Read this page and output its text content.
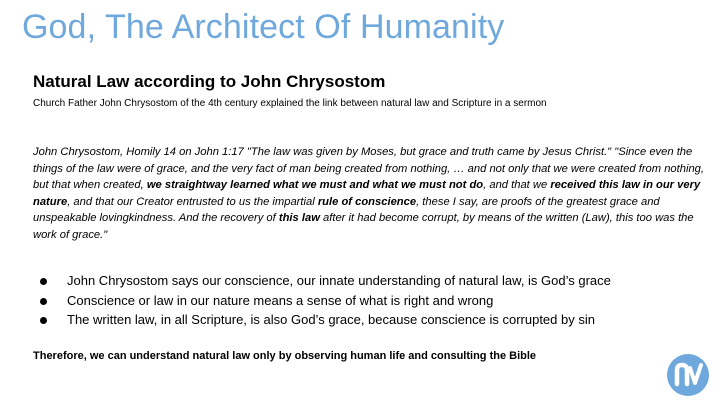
God, The Architect Of Humanity
Natural Law according to John Chrysostom
Church Father John Chrysostom of the 4th century explained the link between natural law and Scripture in a sermon
John Chrysostom, Homily 14 on John 1:17 "The law was given by Moses, but grace and truth came by Jesus Christ." "Since even the things of the law were of grace, and the very fact of man being created from nothing, … and not only that we were created from nothing, but that when created, we straightway learned what we must and what we must not do, and that we received this law in our very nature, and that our Creator entrusted to us the impartial rule of conscience, these I say, are proofs of the greatest grace and unspeakable lovingkindness. And the recovery of this law after it had become corrupt, by means of the written (Law), this too was the work of grace."
John Chrysostom says our conscience, our innate understanding of natural law, is God’s grace
Conscience or law in our nature means a sense of what is right and wrong
The written law, in all Scripture, is also God’s grace, because conscience is corrupted by sin
Therefore, we can understand natural law only by observing human life and consulting the Bible
